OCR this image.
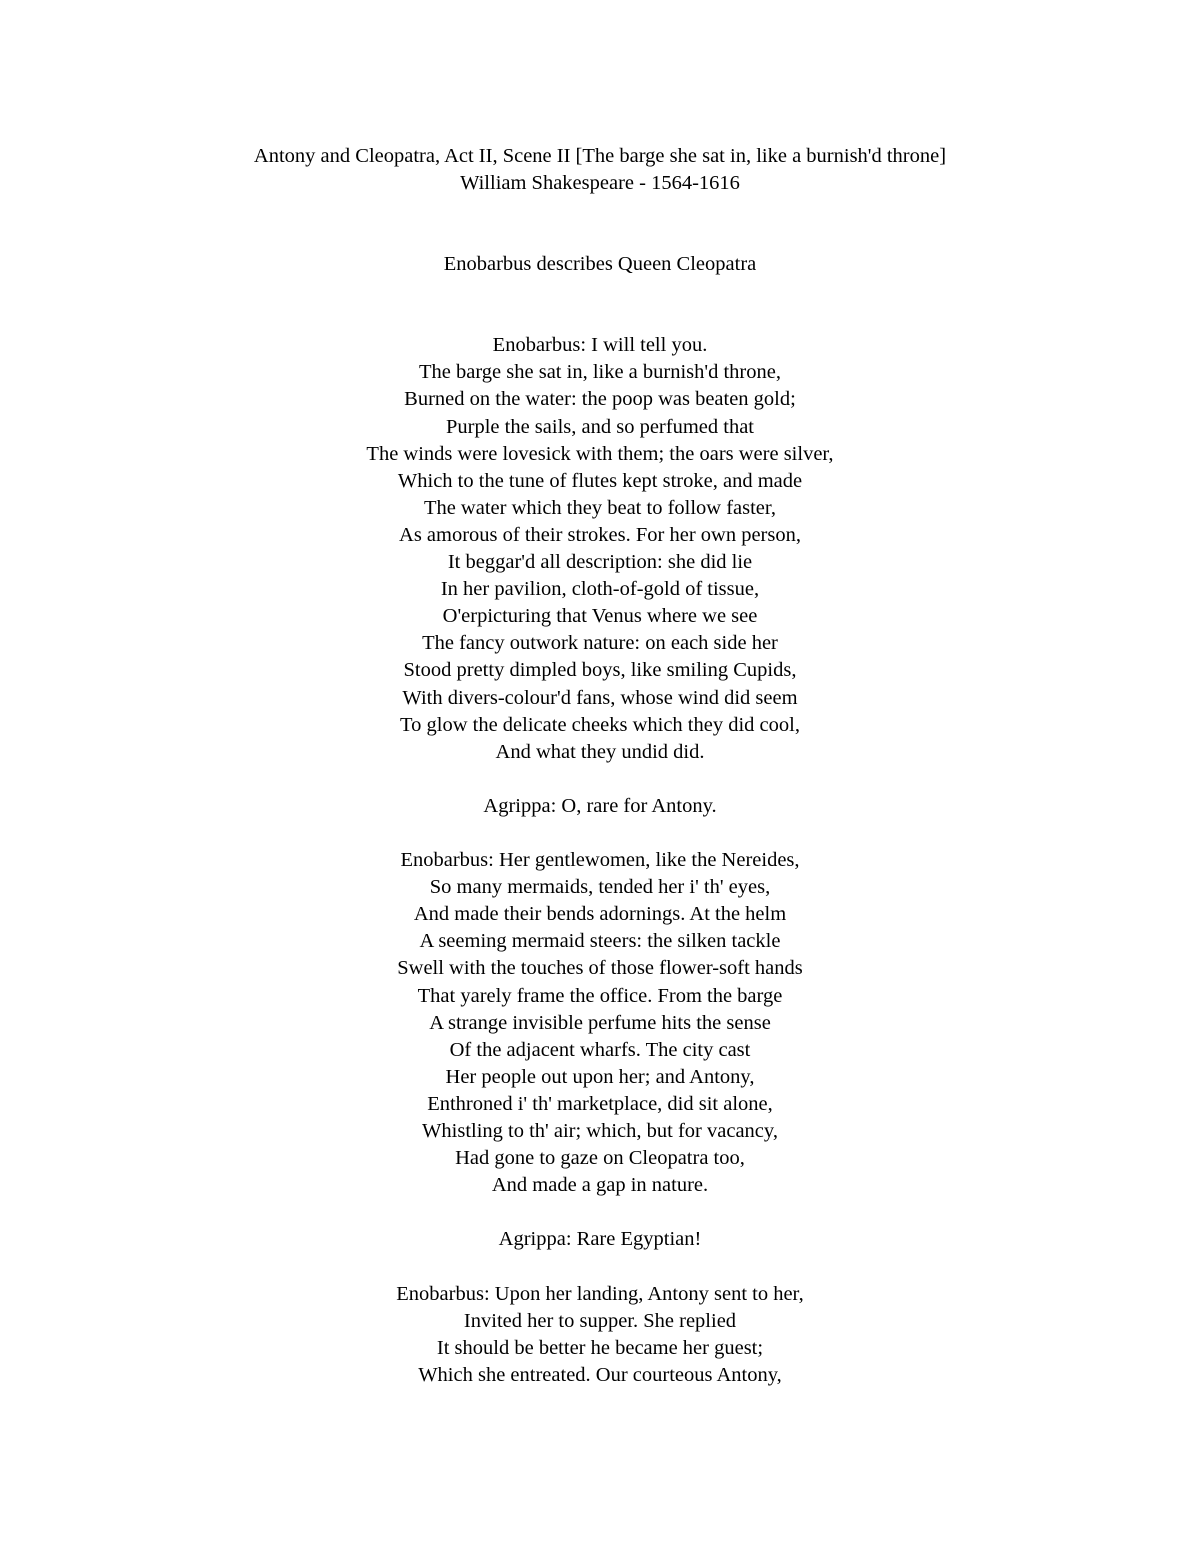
Antony and Cleopatra, Act II, Scene II [The barge she sat in, like a burnish'd throne]
William Shakespeare - 1564-1616
Enobarbus describes Queen Cleopatra
Enobarbus: I will tell you.
The barge she sat in, like a burnish'd throne,
Burned on the water: the poop was beaten gold;
Purple the sails, and so perfumed that
The winds were lovesick with them; the oars were silver,
Which to the tune of flutes kept stroke, and made
The water which they beat to follow faster,
As amorous of their strokes. For her own person,
It beggar'd all description: she did lie
In her pavilion, cloth-of-gold of tissue,
O'erpicturing that Venus where we see
The fancy outwork nature: on each side her
Stood pretty dimpled boys, like smiling Cupids,
With divers-colour'd fans, whose wind did seem
To glow the delicate cheeks which they did cool,
And what they undid did.
Agrippa: O, rare for Antony.
Enobarbus: Her gentlewomen, like the Nereides,
So many mermaids, tended her i' th' eyes,
And made their bends adornings. At the helm
A seeming mermaid steers: the silken tackle
Swell with the touches of those flower-soft hands
That yarely frame the office. From the barge
A strange invisible perfume hits the sense
Of the adjacent wharfs. The city cast
Her people out upon her; and Antony,
Enthroned i' th' marketplace, did sit alone,
Whistling to th' air; which, but for vacancy,
Had gone to gaze on Cleopatra too,
And made a gap in nature.
Agrippa: Rare Egyptian!
Enobarbus: Upon her landing, Antony sent to her,
Invited her to supper. She replied
It should be better he became her guest;
Which she entreated. Our courteous Antony,
